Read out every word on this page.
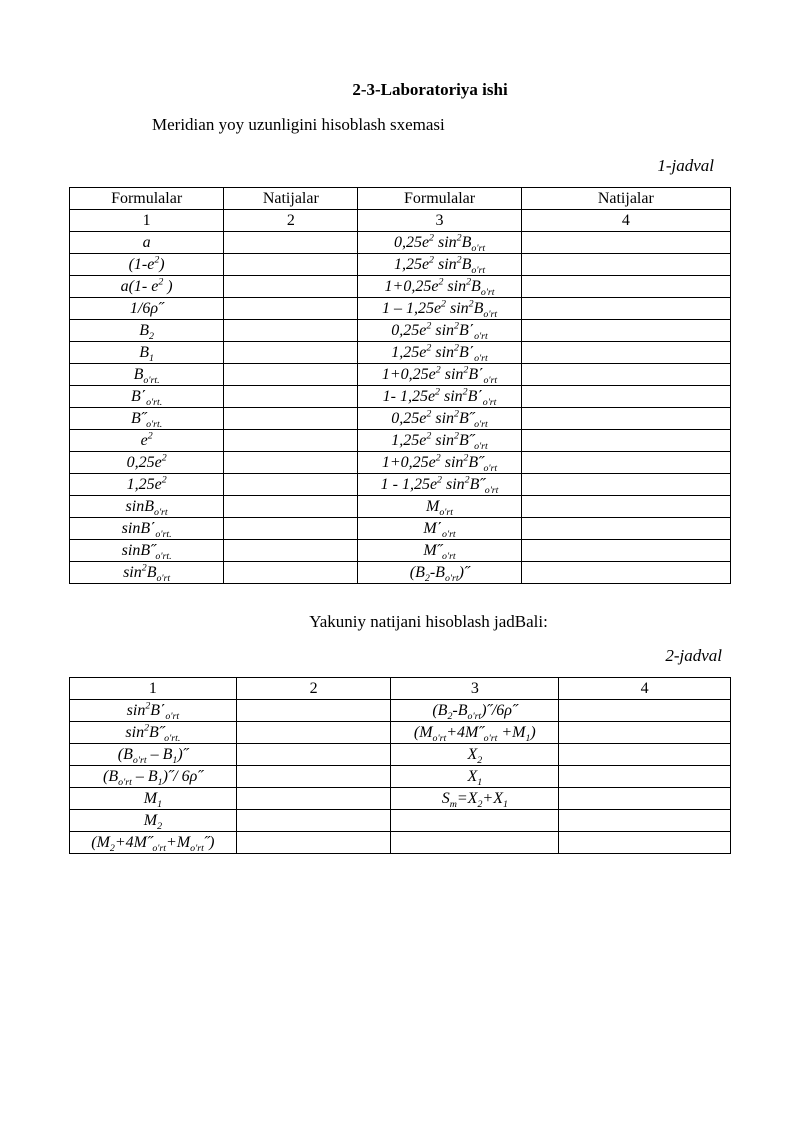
2-3-Laboratoriya ishi
Meridian yoy uzunligini hisoblash sxemasi
1-jadval
Formulalar	Natijalar	Formulalar	Natijalar
1	2	3	4
a		$0,25e^2$ $\sin^2B_{o'rt}$	
$(1-e^2)$		$1,25e^2$ $\sin^2B_{o'rt}$	
a(1- $e^2$ )		$1+0,25e^2$ $\sin^2B_{o'rt}$	
1/6ρ˝		$1 - 1,25e^2$ $\sin^2B_{o'rt}$	
$B_2$		$0,25e^2$ $\sin^2B΄_{o'rt}$	
$B_1$		$1,25e^2$ $\sin^2B΄_{o'rt}$	
$B_{o'rt.}$		$1+0,25e^2$ $\sin^2B΄_{o'rt}$	
$B΄_{o'rt.}$		1- $1,25e^2$ $\sin^2B΄_{o'rt}$	
$B˝_{o'rt.}$		$0,25e^2$ $\sin^2B˝_{o'rt}$	
$e^2$		$1,25e^2$ $\sin^2B˝_{o'rt}$	
$0,25e^2$		$1+0,25e^2$ $\sin^2B˝_{o'rt}$	
$1,25e^2$		$1 - 1,25e^2$ $\sin^2B˝_{o'rt}$	
sinB$_{o'rt}$		$M_{o'rt}$	
$\sin B΄_{o'rt.}$		$M΄_{o'rt}$	
$\sin B˝_{o'rt.}$		$M˝_{o'rt}$	
$\sin^2B_{o'rt}$		$(B_2-B_{o'rt})˝$	
Yakuniy natijani hisoblash jadBali:
2-jadval
1	2	3	4
$\sin^2B΄_{o'rt}$		$(B_2-B_{o'rt})˝/6\rho˝$	
$\sin^2B˝_{o'rt.}$		$(M_{o'rt}+4M˝_{o'rt} +M_1)$	
($B_{o'rt}$ – $B_1)˝$		$X_2$	
($B_{o'rt}$ – $B_1)˝/$ 6ρ˝		$X_1$	
$M_1$		$S_m=X_2+X_1$	
$M_2$			
$(M_2+4M˝_{o'rt}+M_{o'rt}˝)$			
